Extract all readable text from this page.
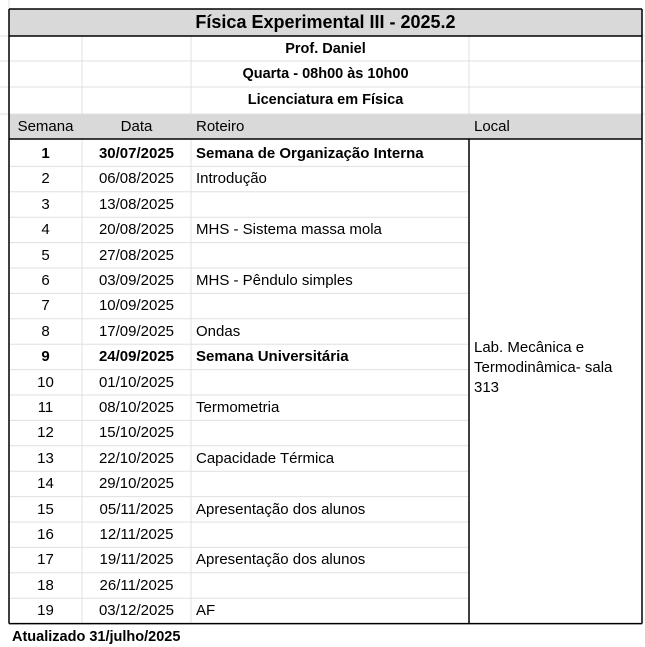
Física Experimental III - 2025.2
Prof. Daniel
Quarta - 08h00 às 10h00
Licenciatura em Física
Semana	Data	Roteiro	Local
1	30/07/2025	Semana de Organização Interna
2	06/08/2025	Introdução
3	13/08/2025
4	20/08/2025	MHS - Sistema massa mola
5	27/08/2025
6	03/09/2025	MHS - Pêndulo simples
7	10/09/2025
8	17/09/2025	Ondas
9	24/09/2025	Semana Universitária
10	01/10/2025
11	08/10/2025	Termometria
12	15/10/2025
13	22/10/2025	Capacidade Térmica
14	29/10/2025
15	05/11/2025	Apresentação dos alunos
16	12/11/2025
17	19/11/2025	Apresentação dos alunos
18	26/11/2025
19	03/12/2025	AF
Lab. Mecânica e Termodinâmica- sala 313
Atualizado 31/julho/2025
